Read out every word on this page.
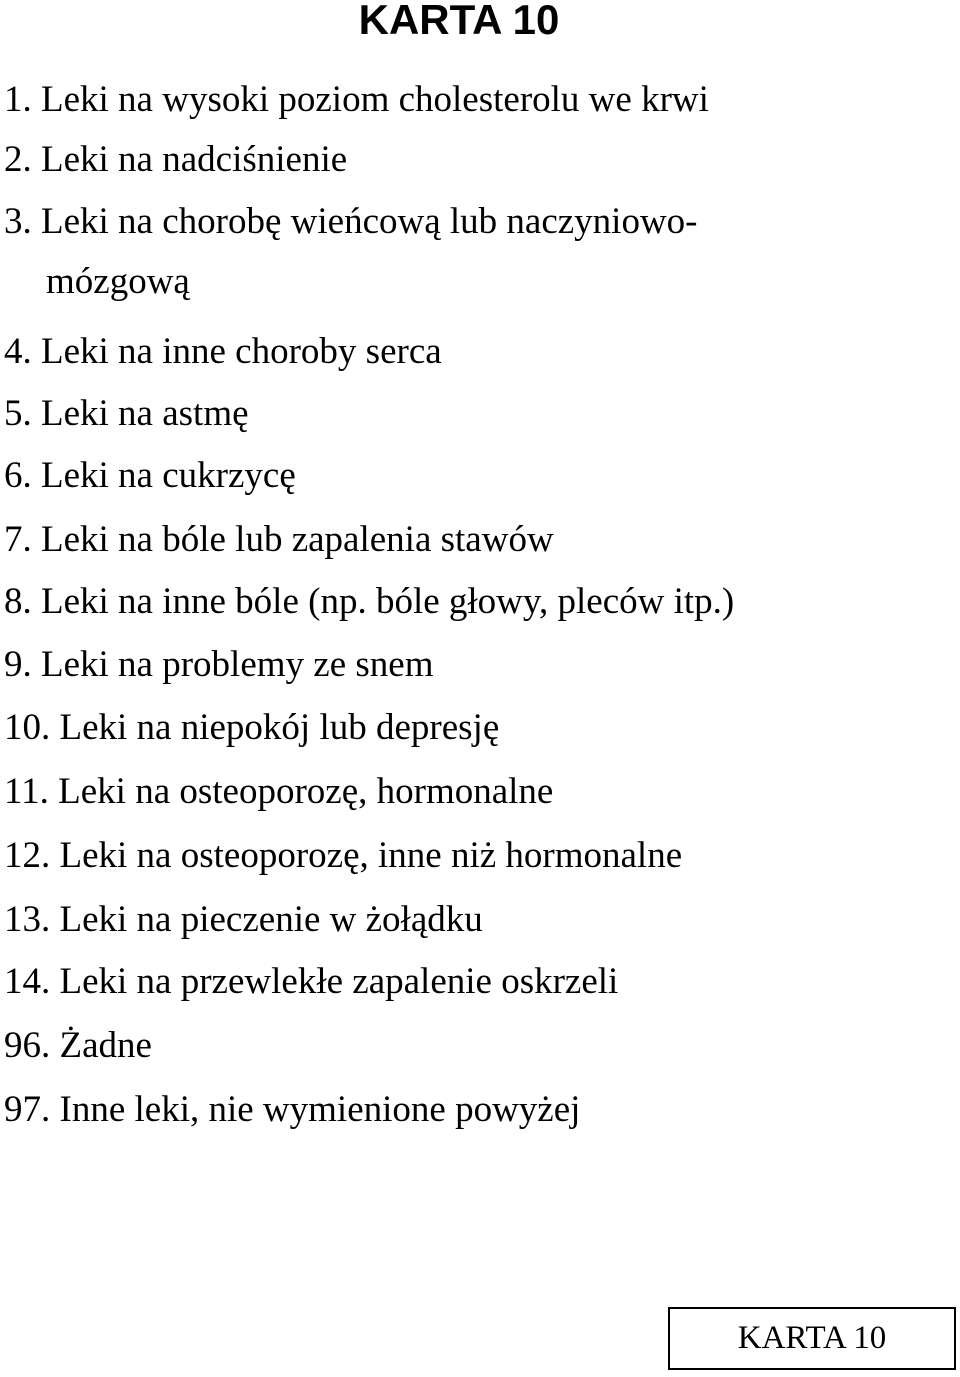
KARTA 10
1. Leki na wysoki poziom cholesterolu we krwi
2. Leki na nadciśnienie
3. Leki na chorobę wieńcową lub naczyniowo-
mózgową
4. Leki na inne choroby serca
5. Leki na astmę
6. Leki na cukrzycę
7. Leki na bóle lub zapalenia stawów
8. Leki na inne bóle (np. bóle głowy, pleców itp.)
9. Leki na problemy ze snem
10. Leki na niepokój lub depresję
11. Leki na osteoporozę, hormonalne
12. Leki na osteoporozę, inne niż hormonalne
13. Leki na pieczenie w żołądku
14. Leki na przewlekłe zapalenie oskrzeli
96. Żadne
97. Inne leki, nie wymienione powyżej
KARTA 10
